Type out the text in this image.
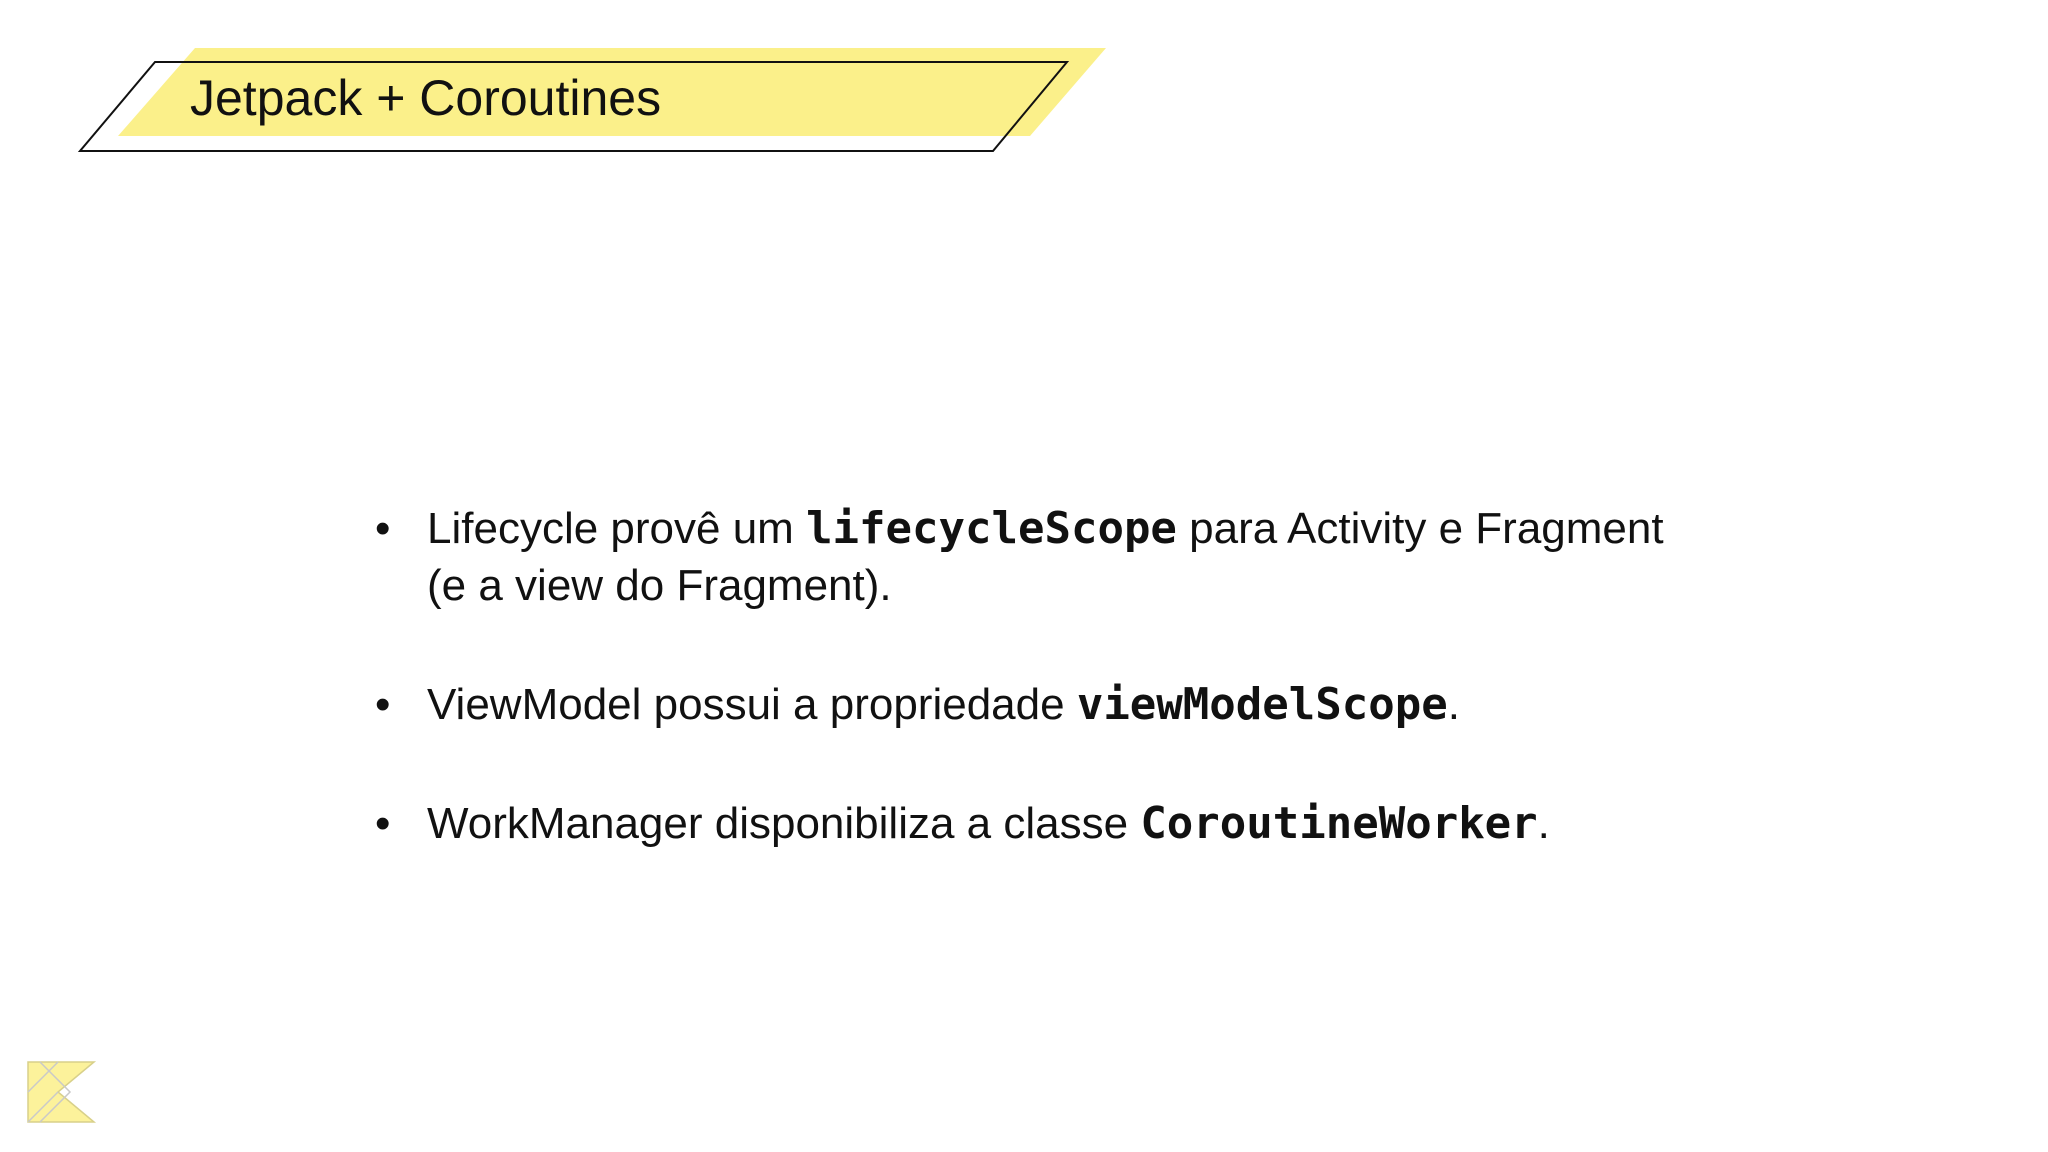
Jetpack + Coroutines
• Lifecycle provê um lifecycleScope para Activity e Fragment (e a view do Fragment).
• ViewModel possui a propriedade viewModelScope.
• WorkManager disponibiliza a classe CoroutineWorker.
